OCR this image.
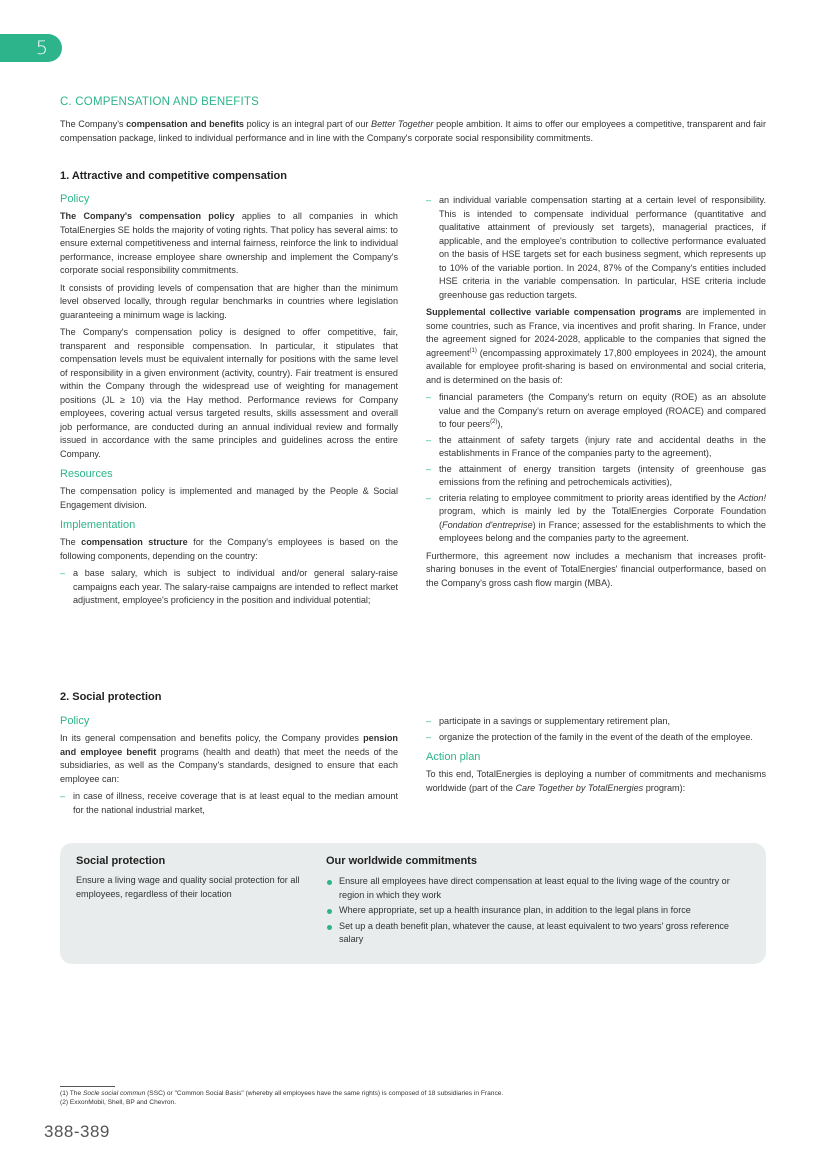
5
C. COMPENSATION AND BENEFITS
The Company's compensation and benefits policy is an integral part of our Better Together people ambition. It aims to offer our employees a competitive, transparent and fair compensation package, linked to individual performance and in line with the Company's corporate social responsibility commitments.
1. Attractive and competitive compensation
Policy

The Company's compensation policy applies to all companies in which TotalEnergies SE holds the majority of voting rights. That policy has several aims: to ensure external competitiveness and internal fairness, reinforce the link to individual performance, increase employee share ownership and implement the Company's corporate social responsibility commitments.

It consists of providing levels of compensation that are higher than the minimum level observed locally, through regular benchmarks in countries where legislation guaranteeing a minimum wage is lacking.

The Company's compensation policy is designed to offer competitive, fair, transparent and responsible compensation. In particular, it stipulates that compensation levels must be equivalent internally for positions with the same level of responsibility in a given environment (activity, country). Fair treatment is ensured within the Company through the widespread use of weighting for management positions (JL ≥ 10) via the Hay method. Performance reviews for Company employees, covering actual versus targeted results, skills assessment and overall job performance, are conducted during an annual individual review and formally issued in accordance with the same principles and guidelines across the entire Company.

Resources

The compensation policy is implemented and managed by the People & Social Engagement division.

Implementation

The compensation structure for the Company's employees is based on the following components, depending on the country:

– a base salary, which is subject to individual and/or general salary-raise campaigns each year. The salary-raise campaigns are intended to reflect market adjustment, employee's proficiency in the position and individual potential;
– an individual variable compensation starting at a certain level of responsibility. This is intended to compensate individual performance (quantitative and qualitative attainment of previously set targets), managerial practices, if applicable, and the employee's contribution to collective performance evaluated on the basis of HSE targets set for each business segment, which represents up to 10% of the variable portion. In 2024, 87% of the Company's entities included HSE criteria in the variable compensation. In particular, HSE criteria include greenhouse gas reduction targets.

Supplemental collective variable compensation programs are implemented in some countries, such as France, via incentives and profit sharing. In France, under the agreement signed for 2024-2028, applicable to the companies that signed the agreement$^{(1)}$ (encompassing approximately 17,800 employees in 2024), the amount available for employee profit-sharing is based on environmental and social criteria, and is determined on the basis of:

– financial parameters (the Company's return on equity (ROE) as an absolute value and the Company's return on average employed (ROACE) and compared to four peers$^{(2)}$),
– the attainment of safety targets (injury rate and accidental deaths in the establishments in France of the companies party to the agreement),
– the attainment of energy transition targets (intensity of greenhouse gas emissions from the refining and petrochemicals activities),
– criteria relating to employee commitment to priority areas identified by the Action! program, which is mainly led by the TotalEnergies Corporate Foundation (Fondation d'entreprise) in France; assessed for the establishments to which the employees belong and the companies party to the agreement.

Furthermore, this agreement now includes a mechanism that increases profit-sharing bonuses in the event of TotalEnergies' financial outperformance, based on the Company's gross cash flow margin (MBA).

2. Social protection
Policy

In its general compensation and benefits policy, the Company provides pension and employee benefit programs (health and death) that meet the needs of the subsidiaries, as well as the Company's standards, designed to ensure that each employee can:

– in case of illness, receive coverage that is at least equal to the median amount for the national industrial market,
– participate in a savings or supplementary retirement plan,
– organize the protection of the family in the event of the death of the employee.
Action plan

To this end, TotalEnergies is deploying a number of commitments and mechanisms worldwide (part of the Care Together by TotalEnergies program):

Social protection
Ensure a living wage and quality social protection for all employees, regardless of their location
Our worldwide commitments
Ensure all employees have direct compensation at least equal to the living wage of the country or region in which they work
Where appropriate, set up a health insurance plan, in addition to the legal plans in force
Set up a death benefit plan, whatever the cause, at least equivalent to two years' gross reference salary
(1) The Socle social commun (SSC) or "Common Social Basis" (whereby all employees have the same rights) is composed of 18 subsidiaries in France.
(2) ExxonMobil, Shell, BP and Chevron.
388-389
